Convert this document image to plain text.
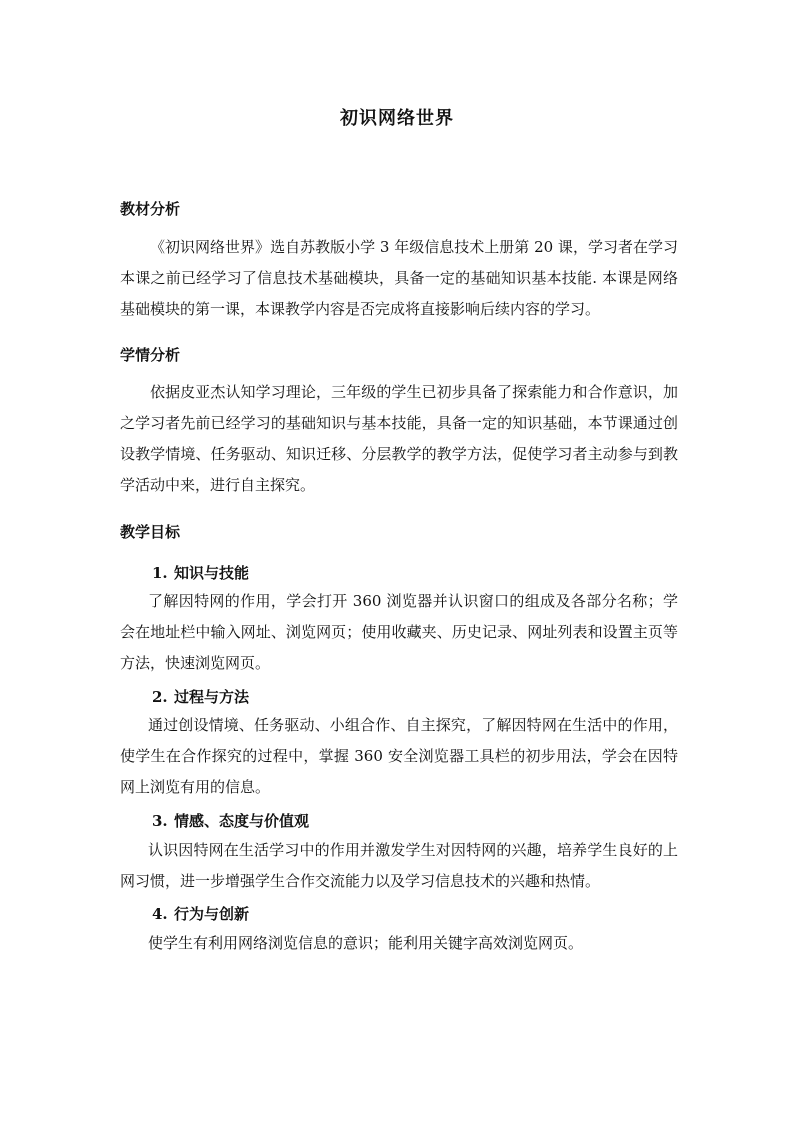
初识网络世界
教材分析
《初识网络世界》选自苏教版小学 3 年级信息技术上册第 20 课，学习者在学习本课之前已经学习了信息技术基础模块，具备一定的基础知识基本技能. 本课是网络基础模块的第一课，本课教学内容是否完成将直接影响后续内容的学习。
学情分析
依据皮亚杰认知学习理论，三年级的学生已初步具备了探索能力和合作意识，加之学习者先前已经学习的基础知识与基本技能，具备一定的知识基础，本节课通过创设教学情境、任务驱动、知识迁移、分层教学的教学方法，促使学习者主动参与到教学活动中来，进行自主探究。
教学目标
1. 知识与技能
了解因特网的作用，学会打开 360 浏览器并认识窗口的组成及各部分名称；学会在地址栏中输入网址、浏览网页；使用收藏夹、历史记录、网址列表和设置主页等方法，快速浏览网页。
2. 过程与方法
通过创设情境、任务驱动、小组合作、自主探究，了解因特网在生活中的作用，使学生在合作探究的过程中，掌握 360 安全浏览器工具栏的初步用法，学会在因特网上浏览有用的信息。
3. 情感、态度与价值观
认识因特网在生活学习中的作用并激发学生对因特网的兴趣，培养学生良好的上网习惯，进一步增强学生合作交流能力以及学习信息技术的兴趣和热情。
4. 行为与创新
使学生有利用网络浏览信息的意识；能利用关键字高效浏览网页。
